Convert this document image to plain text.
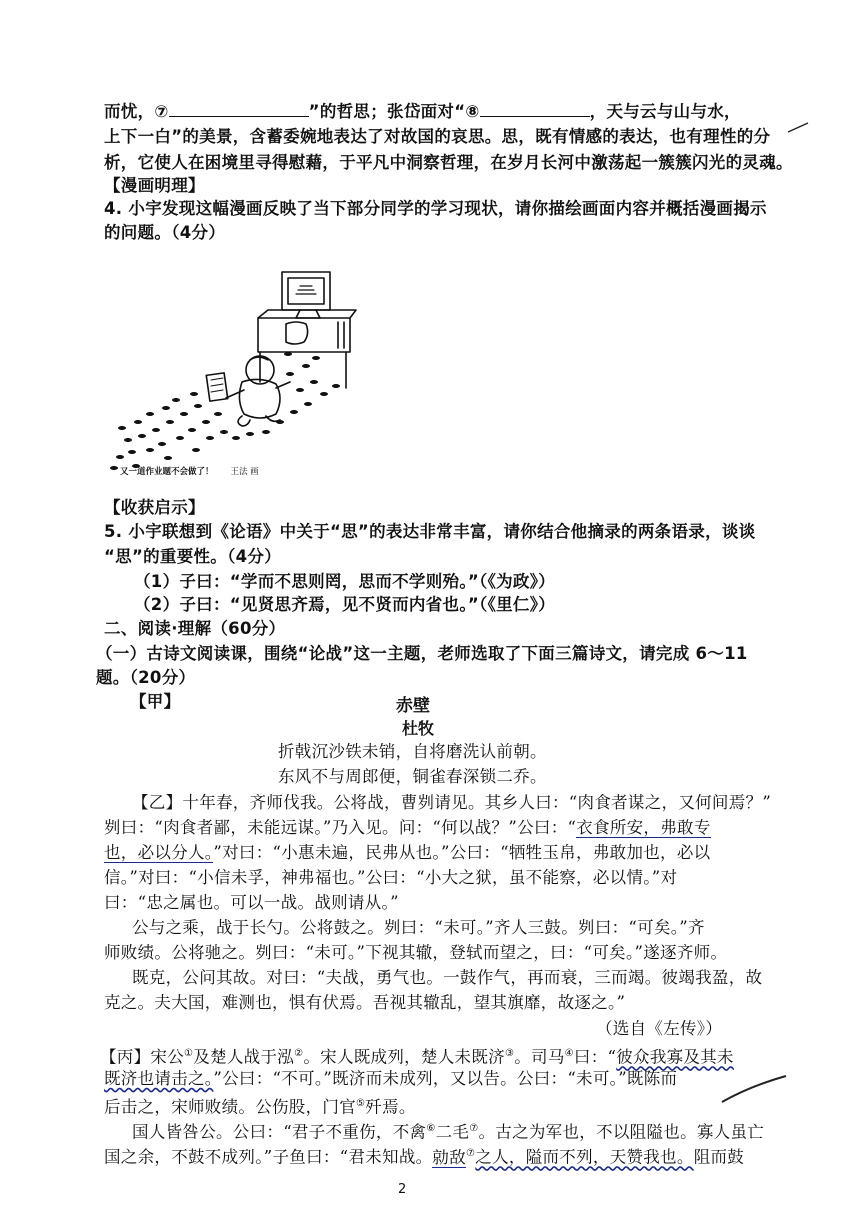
而忧，⑦	”的哲思；张岱面对“⑧	，天与云与山与水，
上下一白”的美景，含蓄委婉地表达了对故国的哀思。思，既有情感的表达，也有理性的分
析，它使人在困境里寻得慰藉，于平凡中洞察哲理，在岁月长河中激荡起一簇簇闪光的灵魂。
【漫画明理】
4. 小宇发现这幅漫画反映了当下部分同学的学习现状，请你描绘画面内容并概括漫画揭示
的问题。（4分）
又一道作业题不会做了！ 王法 画
【收获启示】
5. 小宇联想到《论语》中关于“思”的表达非常丰富，请你结合他摘录的两条语录，谈谈
“思”的重要性。（4分）
（1）子曰：“学而不思则罔，思而不学则殆。”（《为政》）
（2）子曰：“见贤思齐焉，见不贤而内省也。”（《里仁》）
二、阅读·理解（60分）
（一）古诗文阅读课，围绕“论战”这一主题，老师选取了下面三篇诗文，请完成 6～11
题。（20分）
【甲】	赤壁
杜牧
折戟沉沙铁未销，自将磨洗认前朝。
东风不与周郎便，铜雀春深锁二乔。
【乙】十年春，齐师伐我。公将战，曹刿请见。其乡人曰：“肉食者谋之，又何间焉？”
刿曰：“肉食者鄙，未能远谋。”乃入见。问：“何以战？”公曰：“衣食所安，弗敢专
也，必以分人。”对曰：“小惠未遍，民弗从也。”公曰：“牺牲玉帛，弗敢加也，必以
信。”对曰：“小信未孚，神弗福也。”公曰：“小大之狱，虽不能察，必以情。”对
曰：“忠之属也。可以一战。战则请从。”
公与之乘，战于长勺。公将鼓之。刿曰：“未可。”齐人三鼓。刿曰：“可矣。”齐
师败绩。公将驰之。刿曰：“未可。”下视其辙，登轼而望之，曰：“可矣。”遂逐齐师。
既克，公问其故。对曰：“夫战，勇气也。一鼓作气，再而衰，三而竭。彼竭我盈，故
克之。夫大国，难测也，惧有伏焉。吾视其辙乱，望其旗靡，故逐之。”
（选自《左传》）
【丙】宋公①及楚人战于泓②。宋人既成列，楚人未既济③。司马④曰：“彼众我寡及其未
既济也请击之。”公曰：“不可。”既济而未成列，又以告。公曰：“未可。”既陈而
后击之，宋师败绩。公伤股，门官⑤歼焉。
国人皆咎公。公曰：“君子不重伤，不禽⑥二毛⑦。古之为军也，不以阻隘也。寡人虽亡
国之余，不鼓不成列。”子鱼曰：“君未知战。勍敌⑦之人，隘而不列，天赞我也。阻而鼓
2
